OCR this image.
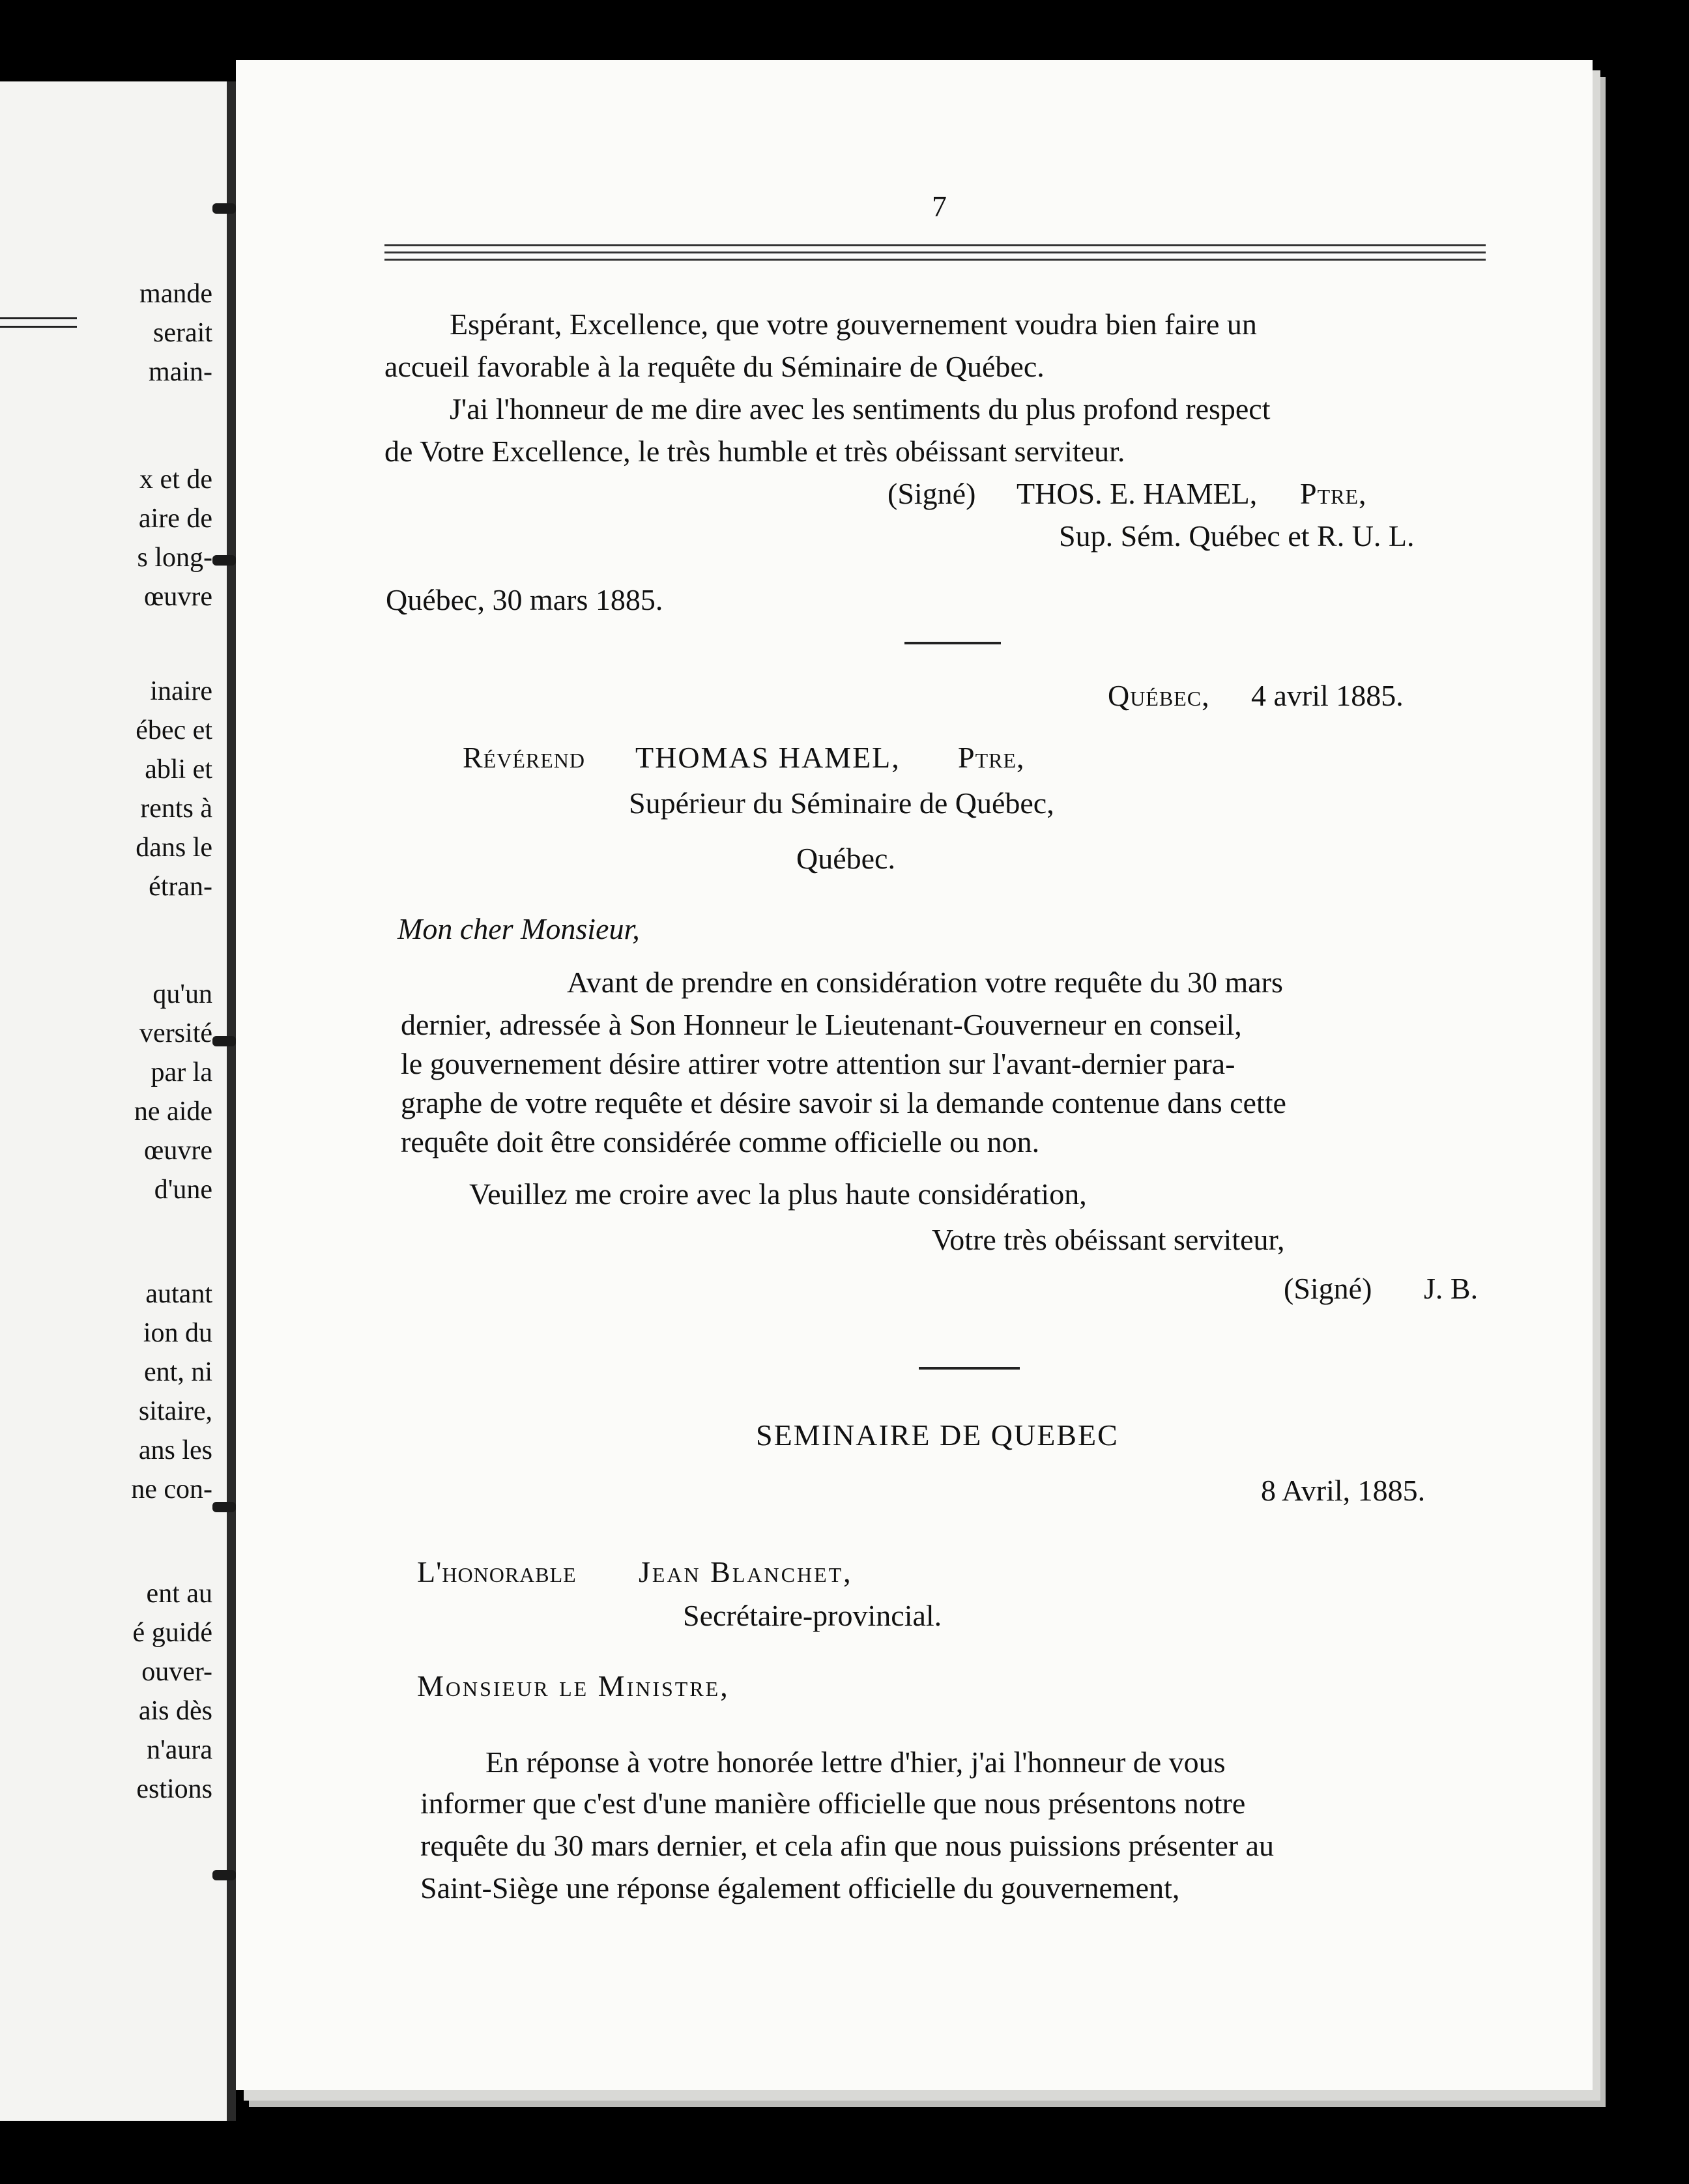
mande
serait
main-
x et de
aire de
s long-
œuvre
inaire
ébec et
abli et
rents à
dans le
étran-
qu'un
versité
par la
ne aide
œuvre
d'une
autant
ion du
ent, ni
sitaire,
ans les
ne con-
ent au
é guidé
ouver-
ais dès
n'aura
estions
7
Espérant, Excellence, que votre gouvernement voudra bien faire un
accueil favorable à la requête du Séminaire de Québec.
J'ai l'honneur de me dire avec les sentiments du plus profond respect
de Votre Excellence, le très humble et très obéissant serviteur.
(Signé) THOS. E. HAMEL, Ptre,
Sup. Sém. Québec et R. U. L.
Québec, 30 mars 1885.
Québec, 4 avril 1885.
Révérend THOMAS HAMEL, Ptre,
Supérieur du Séminaire de Québec,
Québec.
Mon cher Monsieur,
Avant de prendre en considération votre requête du 30 mars
dernier, adressée à Son Honneur le Lieutenant-Gouverneur en conseil,
le gouvernement désire attirer votre attention sur l'avant-dernier para-
graphe de votre requête et désire savoir si la demande contenue dans cette
requête doit être considérée comme officielle ou non.
Veuillez me croire avec la plus haute considération,
Votre très obéissant serviteur,
(Signé) J. B.
SEMINAIRE DE QUEBEC
8 Avril, 1885.
L'honorable Jean Blanchet,
Secrétaire-provincial.
Monsieur le Ministre,
En réponse à votre honorée lettre d'hier, j'ai l'honneur de vous
informer que c'est d'une manière officielle que nous présentons notre
requête du 30 mars dernier, et cela afin que nous puissions présenter au
Saint-Siège une réponse également officielle du gouvernement,
